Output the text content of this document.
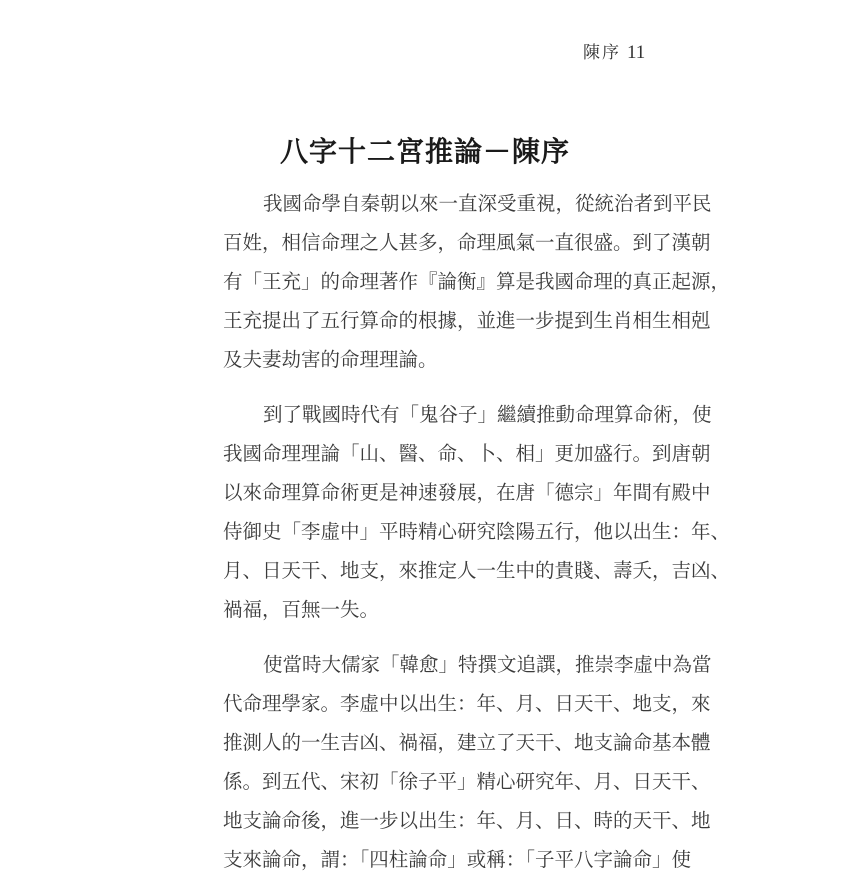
陳序 11
八字十二宮推論－陳序

我國命學自秦朝以來一直深受重視，從統治者到平民
百姓，相信命理之人甚多，命理風氣一直很盛。到了漢朝
有「王充」的命理著作『論衡』算是我國命理的真正起源，
王充提出了五行算命的根據，並進一步提到生肖相生相剋
及夫妻劫害的命理理論。

到了戰國時代有「鬼谷子」繼續推動命理算命術，使
我國命理理論「山、醫、命、卜、相」更加盛行。到唐朝
以來命理算命術更是神速發展，在唐「德宗」年間有殿中
侍御史「李虛中」平時精心研究陰陽五行，他以出生：年、
月、日天干、地支，來推定人一生中的貴賤、壽夭，吉凶、
禍福，百無一失。

使當時大儒家「韓愈」特撰文追譔，推崇李虛中為當
代命理學家。李虛中以出生：年、月、日天干、地支，來
推測人的一生吉凶、禍福，建立了天干、地支論命基本體
係。到五代、宋初「徐子平」精心研究年、月、日天干、
地支論命後，進一步以出生：年、月、日、時的天干、地
支來論命，謂：「四柱論命」或稱：「子平八字論命」使
